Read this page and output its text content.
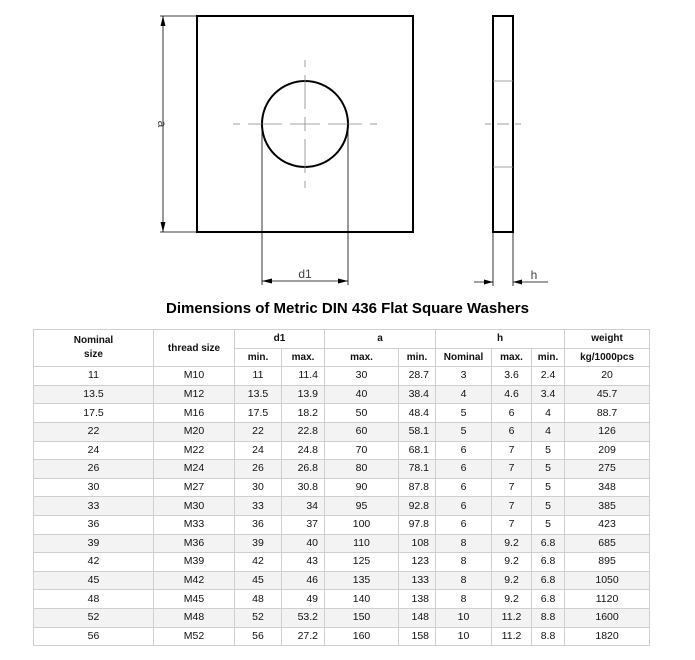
a
d1	h
Dimensions of Metric DIN 436 Flat Square Washers
Nominal
size	thread size	d1		a		h			weight
		min.	max.	max.	min.	Nominal	max.	min.	kg/1000pcs
11	M10	11	11.4	30	28.7	3	3.6	2.4	20
13.5	M12	13.5	13.9	40	38.4	4	4.6	3.4	45.7
17.5	M16	17.5	18.2	50	48.4	5	6	4	88.7
22	M20	22	22.8	60	58.1	5	6	4	126
24	M22	24	24.8	70	68.1	6	7	5	209
26	M24	26	26.8	80	78.1	6	7	5	275
30	M27	30	30.8	90	87.8	6	7	5	348
33	M30	33	34	95	92.8	6	7	5	385
36	M33	36	37	100	97.8	6	7	5	423
39	M36	39	40	110	108	8	9.2	6.8	685
42	M39	42	43	125	123	8	9.2	6.8	895
45	M42	45	46	135	133	8	9.2	6.8	1050
48	M45	48	49	140	138	8	9.2	6.8	1120
52	M48	52	53.2	150	148	10	11.2	8.8	1600
56	M52	56	27.2	160	158	10	11.2	8.8	1820
